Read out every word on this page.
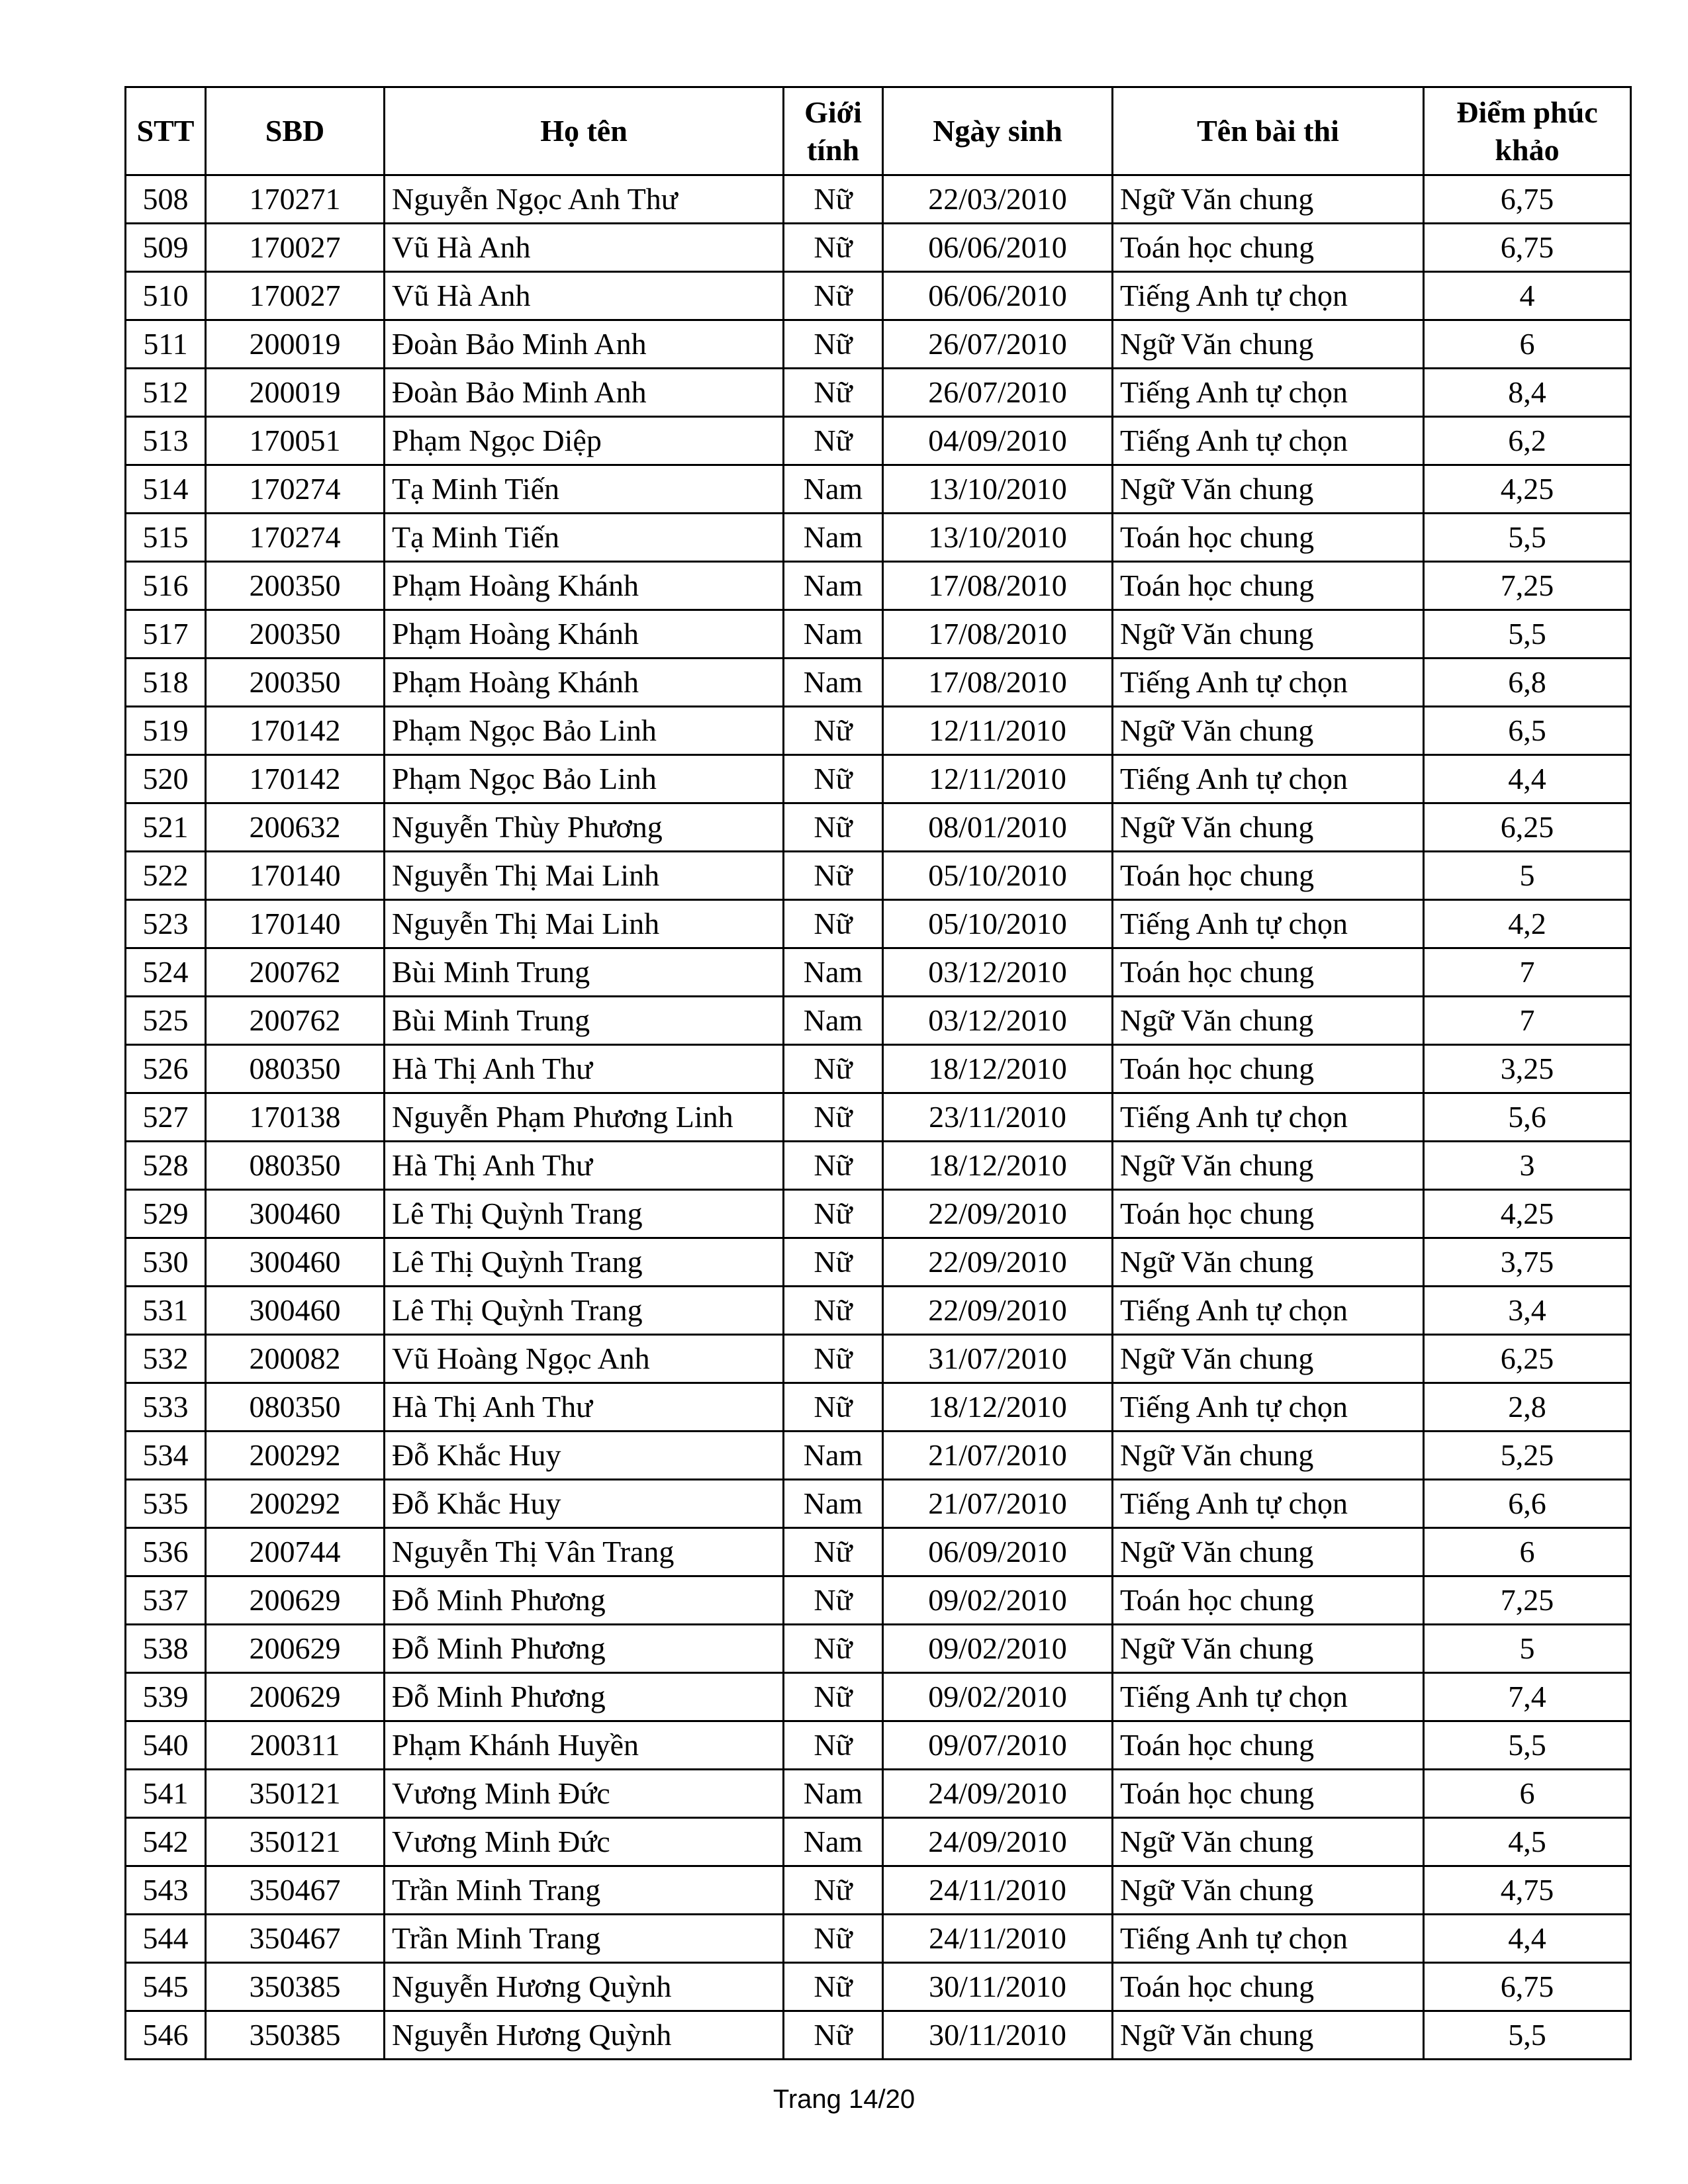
STT	SBD	Họ tên	Giới tính	Ngày sinh	Tên bài thi	Điểm phúc khảo
508	170271	Nguyễn Ngọc Anh Thư	Nữ	22/03/2010	Ngữ Văn chung	6,75
509	170027	Vũ Hà Anh	Nữ	06/06/2010	Toán học chung	6,75
510	170027	Vũ Hà Anh	Nữ	06/06/2010	Tiếng Anh tự chọn	4
511	200019	Đoàn Bảo Minh Anh	Nữ	26/07/2010	Ngữ Văn chung	6
512	200019	Đoàn Bảo Minh Anh	Nữ	26/07/2010	Tiếng Anh tự chọn	8,4
513	170051	Phạm Ngọc Diệp	Nữ	04/09/2010	Tiếng Anh tự chọn	6,2
514	170274	Tạ Minh Tiến	Nam	13/10/2010	Ngữ Văn chung	4,25
515	170274	Tạ Minh Tiến	Nam	13/10/2010	Toán học chung	5,5
516	200350	Phạm Hoàng Khánh	Nam	17/08/2010	Toán học chung	7,25
517	200350	Phạm Hoàng Khánh	Nam	17/08/2010	Ngữ Văn chung	5,5
518	200350	Phạm Hoàng Khánh	Nam	17/08/2010	Tiếng Anh tự chọn	6,8
519	170142	Phạm Ngọc Bảo Linh	Nữ	12/11/2010	Ngữ Văn chung	6,5
520	170142	Phạm Ngọc Bảo Linh	Nữ	12/11/2010	Tiếng Anh tự chọn	4,4
521	200632	Nguyễn Thùy Phương	Nữ	08/01/2010	Ngữ Văn chung	6,25
522	170140	Nguyễn Thị Mai Linh	Nữ	05/10/2010	Toán học chung	5
523	170140	Nguyễn Thị Mai Linh	Nữ	05/10/2010	Tiếng Anh tự chọn	4,2
524	200762	Bùi Minh Trung	Nam	03/12/2010	Toán học chung	7
525	200762	Bùi Minh Trung	Nam	03/12/2010	Ngữ Văn chung	7
526	080350	Hà Thị Anh Thư	Nữ	18/12/2010	Toán học chung	3,25
527	170138	Nguyễn Phạm Phương Linh	Nữ	23/11/2010	Tiếng Anh tự chọn	5,6
528	080350	Hà Thị Anh Thư	Nữ	18/12/2010	Ngữ Văn chung	3
529	300460	Lê Thị Quỳnh Trang	Nữ	22/09/2010	Toán học chung	4,25
530	300460	Lê Thị Quỳnh Trang	Nữ	22/09/2010	Ngữ Văn chung	3,75
531	300460	Lê Thị Quỳnh Trang	Nữ	22/09/2010	Tiếng Anh tự chọn	3,4
532	200082	Vũ Hoàng Ngọc Anh	Nữ	31/07/2010	Ngữ Văn chung	6,25
533	080350	Hà Thị Anh Thư	Nữ	18/12/2010	Tiếng Anh tự chọn	2,8
534	200292	Đỗ Khắc Huy	Nam	21/07/2010	Ngữ Văn chung	5,25
535	200292	Đỗ Khắc Huy	Nam	21/07/2010	Tiếng Anh tự chọn	6,6
536	200744	Nguyễn Thị Vân Trang	Nữ	06/09/2010	Ngữ Văn chung	6
537	200629	Đỗ Minh Phương	Nữ	09/02/2010	Toán học chung	7,25
538	200629	Đỗ Minh Phương	Nữ	09/02/2010	Ngữ Văn chung	5
539	200629	Đỗ Minh Phương	Nữ	09/02/2010	Tiếng Anh tự chọn	7,4
540	200311	Phạm Khánh Huyền	Nữ	09/07/2010	Toán học chung	5,5
541	350121	Vương Minh Đức	Nam	24/09/2010	Toán học chung	6
542	350121	Vương Minh Đức	Nam	24/09/2010	Ngữ Văn chung	4,5
543	350467	Trần Minh Trang	Nữ	24/11/2010	Ngữ Văn chung	4,75
544	350467	Trần Minh Trang	Nữ	24/11/2010	Tiếng Anh tự chọn	4,4
545	350385	Nguyễn Hương Quỳnh	Nữ	30/11/2010	Toán học chung	6,75
546	350385	Nguyễn Hương Quỳnh	Nữ	30/11/2010	Ngữ Văn chung	5,5
Trang 14/20
